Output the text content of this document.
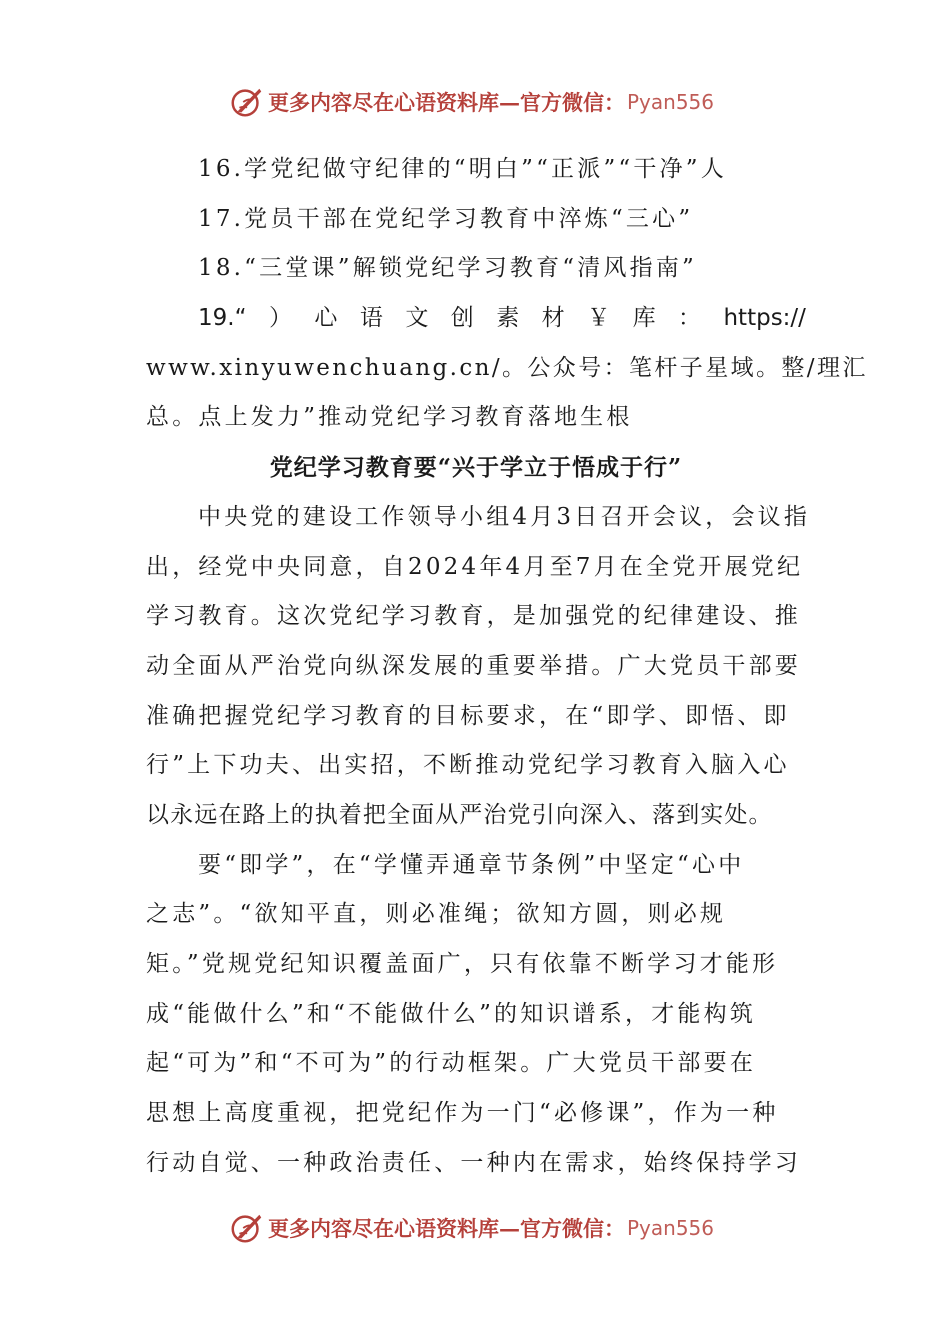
更多内容尽在心语资料库—官方微信： Pyan556
16.学党纪做守纪律的“明白”“正派”“干净”人
17.党员干部在党纪学习教育中淬炼“三心”
18.“三堂课”解锁党纪学习教育“清风指南”
19.“ ） 心 语 文 创 素 材 ￥ 库 ： https://
www.xinyuwenchuang.cn/。公众号：笔杆子星域。整/理汇
总。点上发力”推动党纪学习教育落地生根
党纪学习教育要“兴于学立于悟成于行”
中央党的建设工作领导小组4月3日召开会议，会议指
出，经党中央同意，自2024年4月至7月在全党开展党纪
学习教育。这次党纪学习教育，是加强党的纪律建设、推
动全面从严治党向纵深发展的重要举措。广大党员干部要
准确把握党纪学习教育的目标要求，在“即学、即悟、即
行”上下功夫、出实招，不断推动党纪学习教育入脑入心
以永远在路上的执着把全面从严治党引向深入、落到实处。
要“即学”，在“学懂弄通章节条例”中坚定“心中
之志”。“欲知平直，则必准绳；欲知方圆，则必规
矩。”党规党纪知识覆盖面广，只有依靠不断学习才能形
成“能做什么”和“不能做什么”的知识谱系，才能构筑
起“可为”和“不可为”的行动框架。广大党员干部要在
思想上高度重视，把党纪作为一门“必修课”，作为一种
行动自觉、一种政治责任、一种内在需求，始终保持学习
更多内容尽在心语资料库—官方微信： Pyan556
